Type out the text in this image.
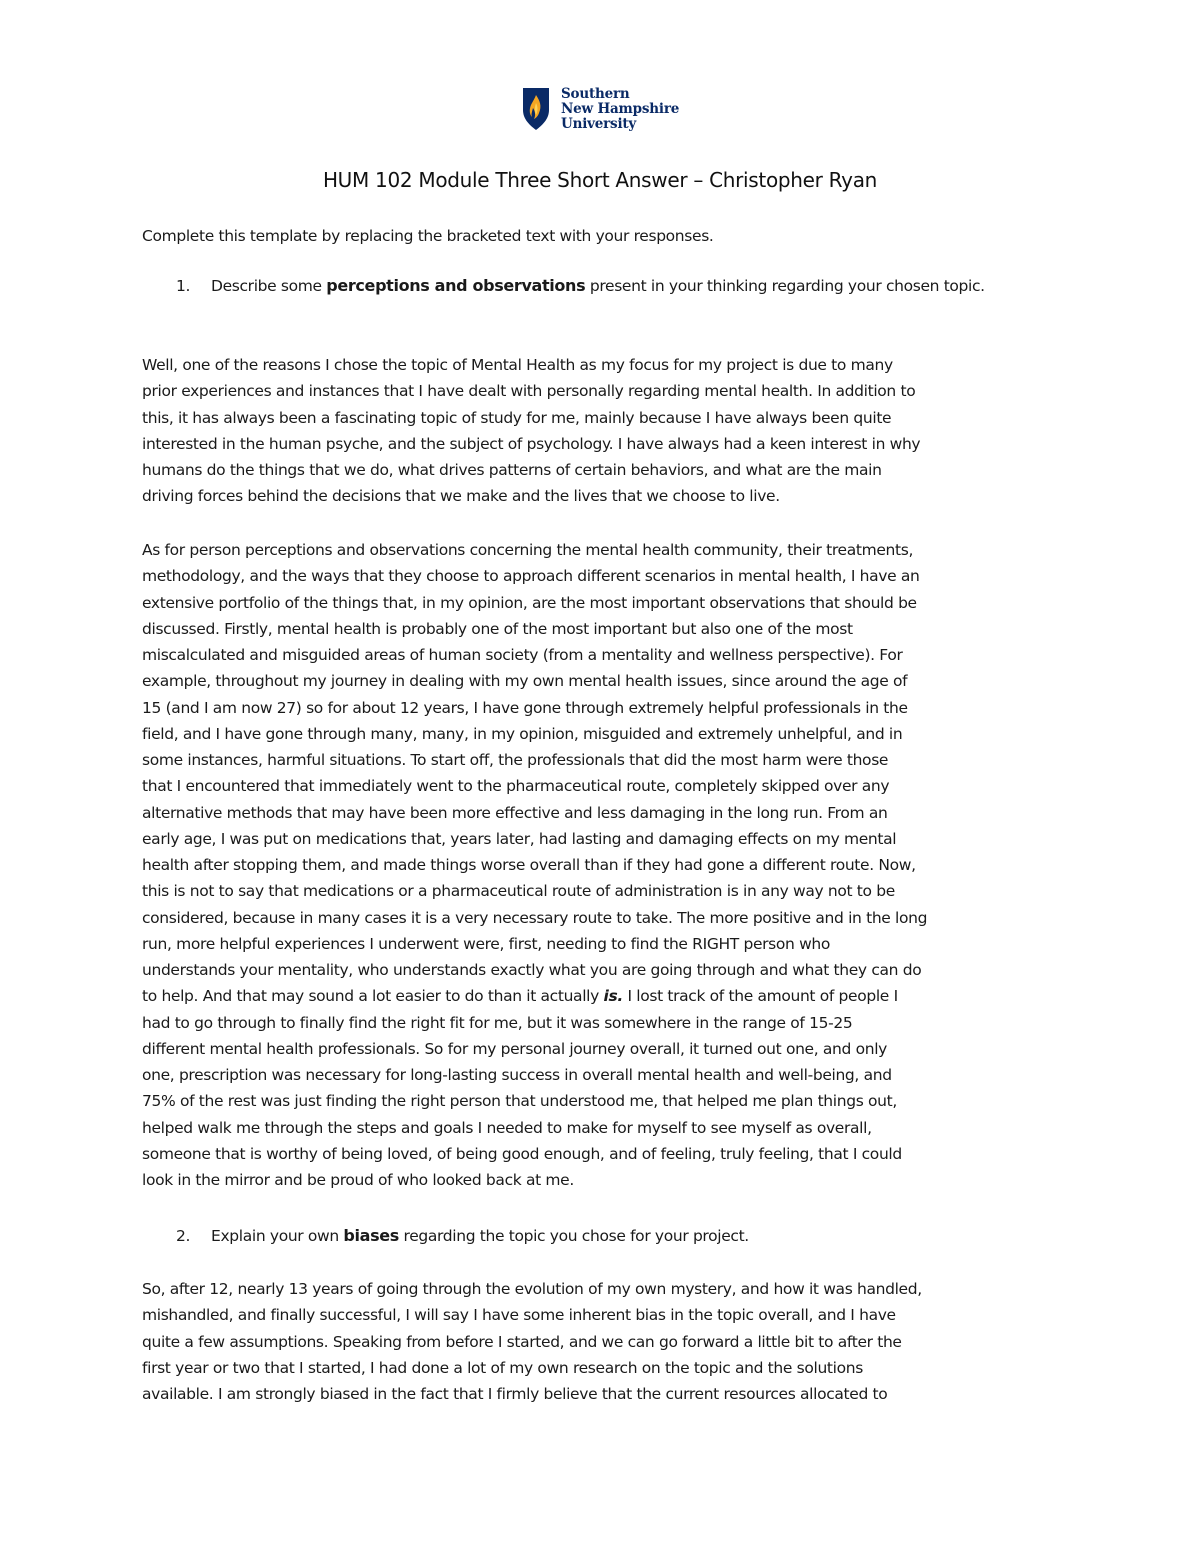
Southern
New Hampshire
University
HUM 102 Module Three Short Answer – Christopher Ryan
Complete this template by replacing the bracketed text with your responses.
1. Describe some perceptions and observations present in your thinking regarding your chosen topic.
Well, one of the reasons I chose the topic of Mental Health as my focus for my project is due to many
prior experiences and instances that I have dealt with personally regarding mental health. In addition to
this, it has always been a fascinating topic of study for me, mainly because I have always been quite
interested in the human psyche, and the subject of psychology. I have always had a keen interest in why
humans do the things that we do, what drives patterns of certain behaviors, and what are the main
driving forces behind the decisions that we make and the lives that we choose to live.
As for person perceptions and observations concerning the mental health community, their treatments,
methodology, and the ways that they choose to approach different scenarios in mental health, I have an
extensive portfolio of the things that, in my opinion, are the most important observations that should be
discussed. Firstly, mental health is probably one of the most important but also one of the most
miscalculated and misguided areas of human society (from a mentality and wellness perspective). For
example, throughout my journey in dealing with my own mental health issues, since around the age of
15 (and I am now 27) so for about 12 years, I have gone through extremely helpful professionals in the
field, and I have gone through many, many, in my opinion, misguided and extremely unhelpful, and in
some instances, harmful situations. To start off, the professionals that did the most harm were those
that I encountered that immediately went to the pharmaceutical route, completely skipped over any
alternative methods that may have been more effective and less damaging in the long run. From an
early age, I was put on medications that, years later, had lasting and damaging effects on my mental
health after stopping them, and made things worse overall than if they had gone a different route. Now,
this is not to say that medications or a pharmaceutical route of administration is in any way not to be
considered, because in many cases it is a very necessary route to take. The more positive and in the long
run, more helpful experiences I underwent were, first, needing to find the RIGHT person who
understands your mentality, who understands exactly what you are going through and what they can do
to help. And that may sound a lot easier to do than it actually is. I lost track of the amount of people I
had to go through to finally find the right fit for me, but it was somewhere in the range of 15-25
different mental health professionals. So for my personal journey overall, it turned out one, and only
one, prescription was necessary for long-lasting success in overall mental health and well-being, and
75% of the rest was just finding the right person that understood me, that helped me plan things out,
helped walk me through the steps and goals I needed to make for myself to see myself as overall,
someone that is worthy of being loved, of being good enough, and of feeling, truly feeling, that I could
look in the mirror and be proud of who looked back at me.
2. Explain your own biases regarding the topic you chose for your project.
So, after 12, nearly 13 years of going through the evolution of my own mystery, and how it was handled,
mishandled, and finally successful, I will say I have some inherent bias in the topic overall, and I have
quite a few assumptions. Speaking from before I started, and we can go forward a little bit to after the
first year or two that I started, I had done a lot of my own research on the topic and the solutions
available. I am strongly biased in the fact that I firmly believe that the current resources allocated to
